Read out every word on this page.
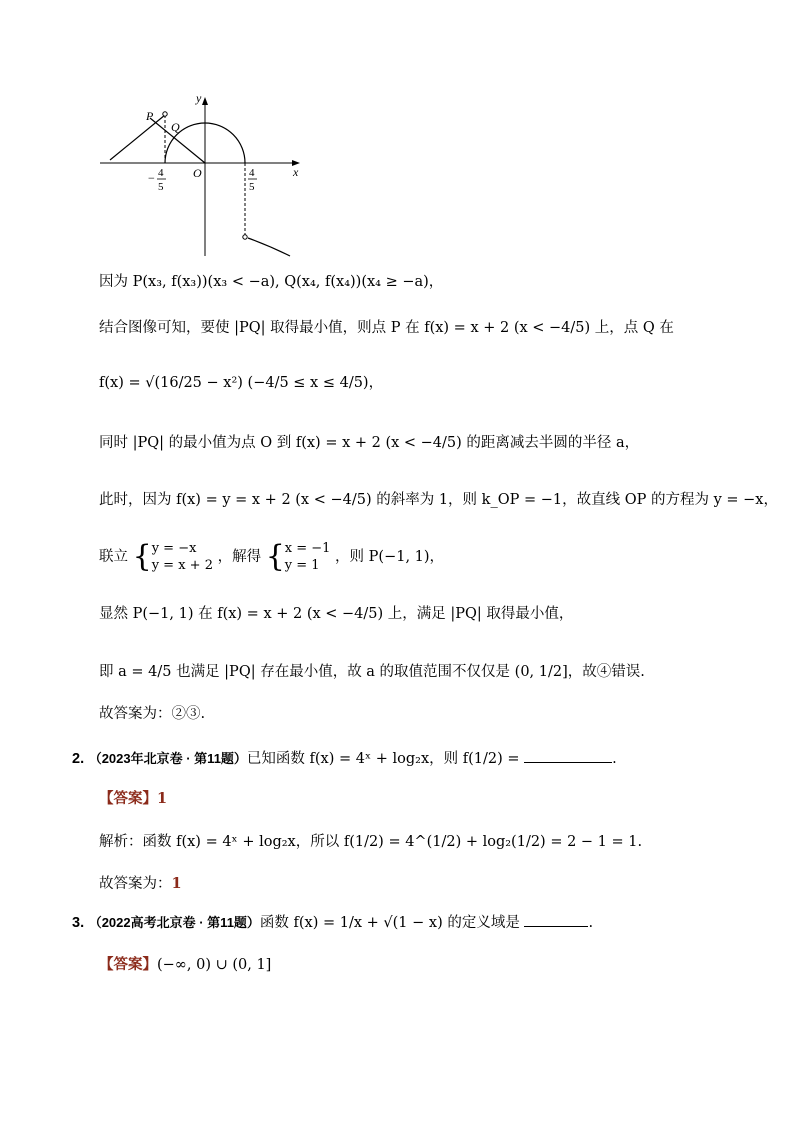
y
x
P
Q
O
− 4
5
4
5
因为 P(x₃, f(x₃))(x₃ < −a), Q(x₄, f(x₄))(x₄ ≥ −a)，
结合图像可知，要使 |PQ| 取得最小值，则点 P 在 f(x) = x + 2 (x < −4/5) 上，点 Q 在
f(x) = √(16/25 − x²) (−4/5 ≤ x ≤ 4/5)，
同时 |PQ| 的最小值为点 O 到 f(x) = x + 2 (x < −4/5) 的距离减去半圆的半径 a，
此时，因为 f(x) = y = x + 2 (x < −4/5) 的斜率为 1，则 k_OP = −1，故直线 OP 的方程为 y = −x，
联立 {y = −x
y = x + 2 ，解得 {x = −1
y = 1 ，则 P(−1, 1)，
显然 P(−1, 1) 在 f(x) = x + 2 (x < −4/5) 上，满足 |PQ| 取得最小值，
即 a = 4/5 也满足 |PQ| 存在最小值，故 a 的取值范围不仅仅是 (0, 1/2]，故④错误.
故答案为：②③.
2. （2023年北京卷 · 第11题）已知函数 f(x) = 4ˣ + log₂x，则 f(1/2) =	.
【答案】1
解析：函数 f(x) = 4ˣ + log₂x，所以 f(1/2) = 4^(1/2) + log₂(1/2) = 2 − 1 = 1.
故答案为：1
3. （2022高考北京卷 · 第11题）函数 f(x) = 1/x + √(1 − x) 的定义域是	.
【答案】(−∞, 0) ∪ (0, 1]
